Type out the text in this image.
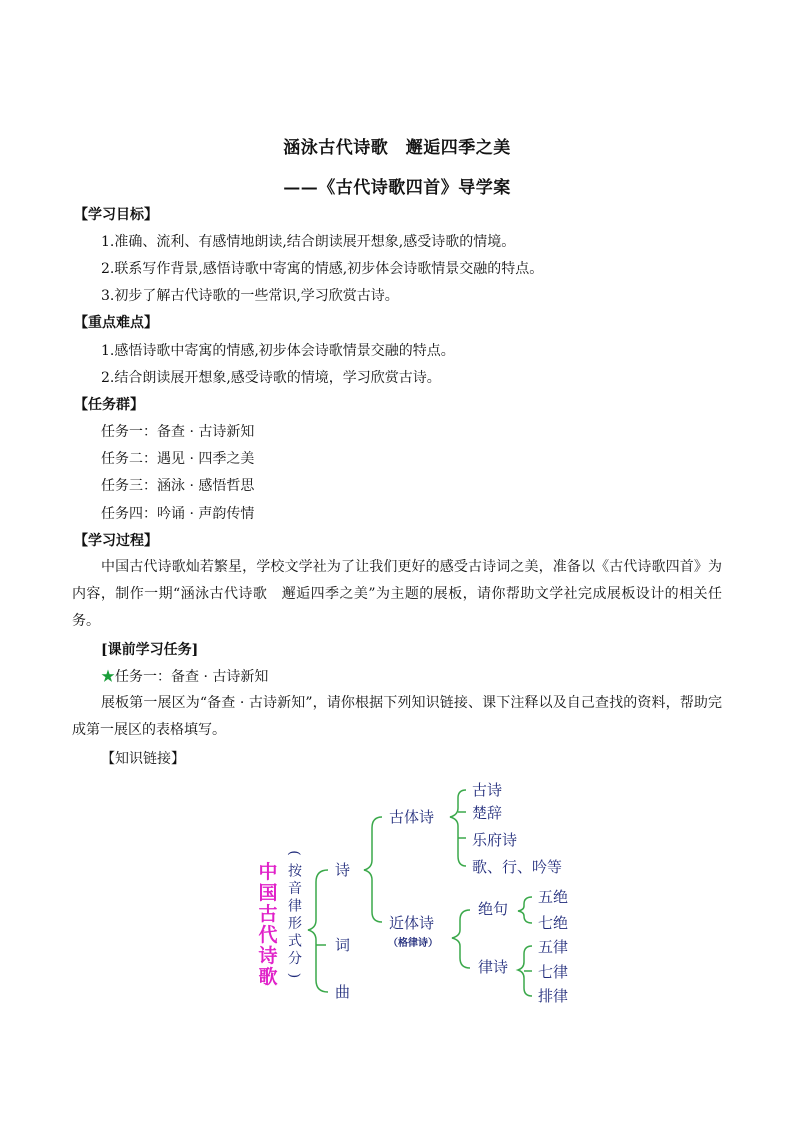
涵泳古代诗歌　邂逅四季之美
——《古代诗歌四首》导学案
【学习目标】
1.准确、流利、有感情地朗读,结合朗读展开想象,感受诗歌的情境。
2.联系写作背景,感悟诗歌中寄寓的情感,初步体会诗歌情景交融的特点。
3.初步了解古代诗歌的一些常识,学习欣赏古诗。
【重点难点】
1.感悟诗歌中寄寓的情感,初步体会诗歌情景交融的特点。
2.结合朗读展开想象,感受诗歌的情境，学习欣赏古诗。
【任务群】
任务一：备查 · 古诗新知
任务二：遇见 · 四季之美
任务三：涵泳 · 感悟哲思
任务四：吟诵 · 声韵传情
【学习过程】
中国古代诗歌灿若繁星，学校文学社为了让我们更好的感受古诗词之美，准备以《古代诗歌四首》为内容，制作一期“涵泳古代诗歌　邂逅四季之美”为主题的展板，请你帮助文学社完成展板设计的相关任务。
[课前学习任务]
★任务一：备查 · 古诗新知
展板第一展区为“备查 · 古诗新知”，请你根据下列知识链接、课下注释以及自己查找的资料，帮助完成第一展区的表格填写。
【知识链接】
中
国
古
代
诗
歌
(
按
音
律
形
式
分
)
诗
词
曲
古体诗
近体诗
（格律诗）
古诗
楚辞
乐府诗
歌、行、吟等
绝句
律诗
五绝
七绝
五律
七律
排律
